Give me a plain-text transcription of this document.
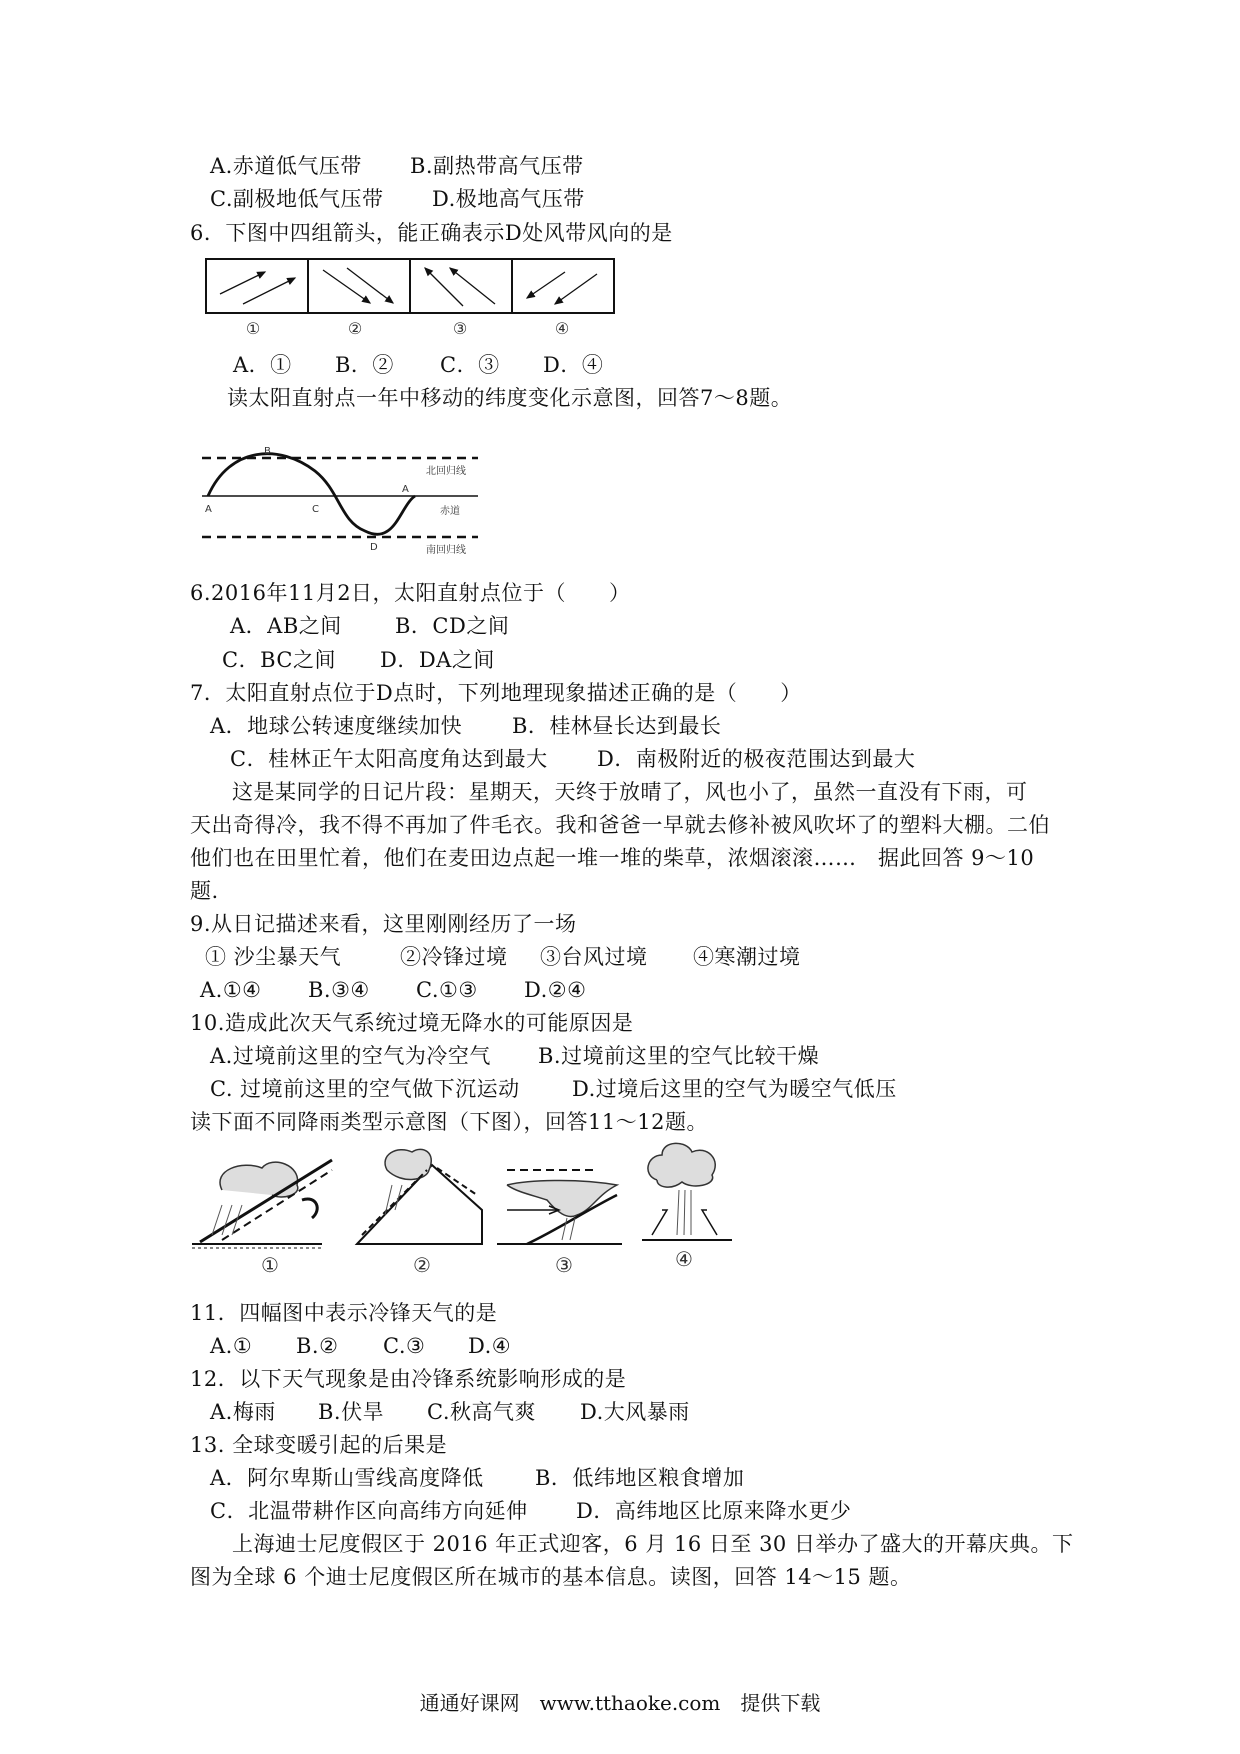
A.赤道低气压带 B.副热带高气压带
C.副极地低气压带 D.极地高气压带
6．下图中四组箭头，能正确表示D处风带风向的是
①	②	③	④
A．① B．② C．③ D．④
读太阳直射点一年中移动的纬度变化示意图，回答7～8题。
A
B
C
D
A
北回归线
赤道
南回归线
6.2016年11月2日，太阳直射点位于（　　）
A．AB之间	B．CD之间
C．BC之间 D．DA之间
7．太阳直射点位于D点时，下列地理现象描述正确的是（　　）
A．地球公转速度继续加快 B．桂林昼长达到最长
C．桂林正午太阳高度角达到最大 D．南极附近的极夜范围达到最大
这是某同学的日记片段：星期天，天终于放晴了，风也小了，虽然一直没有下雨，可
天出奇得冷，我不得不再加了件毛衣。我和爸爸一早就去修补被风吹坏了的塑料大棚。二伯
他们也在田里忙着，他们在麦田边点起一堆一堆的柴草，浓烟滚滚……　据此回答 9～10
题.
9.从日记描述来看，这里刚刚经历了一场
① 沙尘暴天气	②冷锋过境 ③台风过境 ④寒潮过境
A.①④ B.③④ C.①③ D.②④
10.造成此次天气系统过境无降水的可能原因是
A.过境前这里的空气为冷空气 B.过境前这里的空气比较干燥
C. 过境前这里的空气做下沉运动 D.过境后这里的空气为暖空气低压
读下面不同降雨类型示意图（下图），回答11～12题。
①	②	③	④
11．四幅图中表示冷锋天气的是
A.① B.② C.③ D.④
12．以下天气现象是由冷锋系统影响形成的是
A.梅雨 B.伏旱 C.秋高气爽 D.大风暴雨
13. 全球变暖引起的后果是
A．阿尔卑斯山雪线高度降低 B．低纬地区粮食增加
C．北温带耕作区向高纬方向延伸 D．高纬地区比原来降水更少
上海迪士尼度假区于 2016 年正式迎客，6 月 16 日至 30 日举办了盛大的开幕庆典。下
图为全球 6 个迪士尼度假区所在城市的基本信息。读图，回答 14～15 题。
通通好课网　www.tthaoke.com　提供下载
